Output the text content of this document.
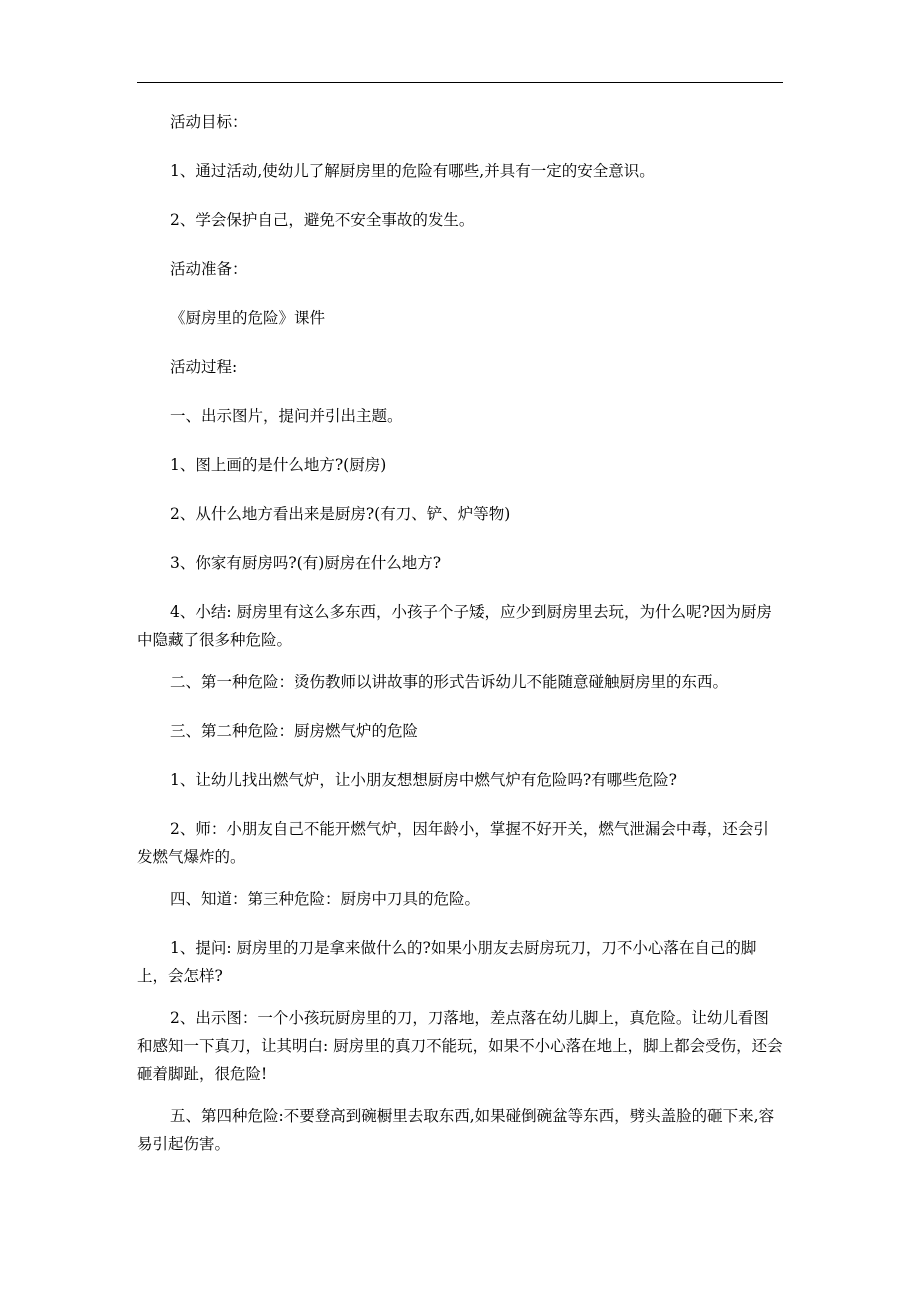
活动目标：

1、通过活动,使幼儿了解厨房里的危险有哪些,并具有一定的安全意识。

2、学会保护自己，避免不安全事故的发生。

活动准备：

《厨房里的危险》课件

活动过程:

一、出示图片，提问并引出主题。

1、图上画的是什么地方?(厨房)

2、从什么地方看出来是厨房?(有刀、铲、炉等物)

3、你家有厨房吗?(有)厨房在什么地方?

4、小结: 厨房里有这么多东西，小孩子个子矮，应少到厨房里去玩，为什么呢?因为厨房中隐藏了很多种危险。

二、第一种危险：烫伤教师以讲故事的形式告诉幼儿不能随意碰触厨房里的东西。

三、第二种危险：厨房燃气炉的危险

1、让幼儿找出燃气炉，让小朋友想想厨房中燃气炉有危险吗?有哪些危险?

2、师：小朋友自己不能开燃气炉，因年龄小，掌握不好开关，燃气泄漏会中毒，还会引发燃气爆炸的。

四、知道：第三种危险：厨房中刀具的危险。

1、提问: 厨房里的刀是拿来做什么的?如果小朋友去厨房玩刀，刀不小心落在自己的脚上，会怎样?

2、出示图：一个小孩玩厨房里的刀，刀落地，差点落在幼儿脚上，真危险。让幼儿看图和感知一下真刀，让其明白: 厨房里的真刀不能玩，如果不小心落在地上，脚上都会受伤，还会砸着脚趾，很危险!

五、第四种危险:不要登高到碗橱里去取东西,如果碰倒碗盆等东西，劈头盖脸的砸下来,容易引起伤害。
